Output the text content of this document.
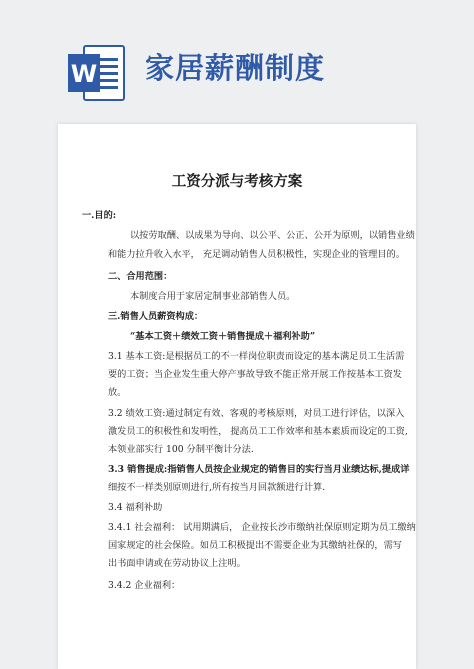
W 家居薪酬制度
工资分派与考核方案
一.目的:
以按劳取酬、以成果为导向、以公平、公正、公开为原则，以销售业绩
和能力拉升收入水平， 充足调动销售人员积极性，实现企业的管理目的。
二、合用范围：
本制度合用于家居定制事业部销售人员。
三.销售人员薪资构成：
“基本工资＋绩效工资＋销售提成＋福利补助”
3.1 基本工资:是根据员工的不一样岗位职责而设定的基本满足员工生活需
要的工资；当企业发生重大停产事故导致不能正常开展工作按基本工资发
放。
3.2 绩效工资:通过制定有效、客观的考核原则，对员工进行评估，以深入
激发员工的积极性和发明性， 提高员工工作效率和基本素质而设定的工资,
本领业部实行 100 分制平衡计分法.
3.3 销售提成:指销售人员按企业规定的销售目的实行当月业绩达标,提成详
细按不一样类别原则进行,所有按当月回款额进行计算.
3.4 福利补助
3.4.1 社会福利： 试用期满后， 企业按长沙市缴纳社保原则定期为员工缴纳
国家规定的社会保险。如员工积极提出不需要企业为其缴纳社保的，需写
出书面申请或在劳动协议上注明。
3.4.2 企业福利：
